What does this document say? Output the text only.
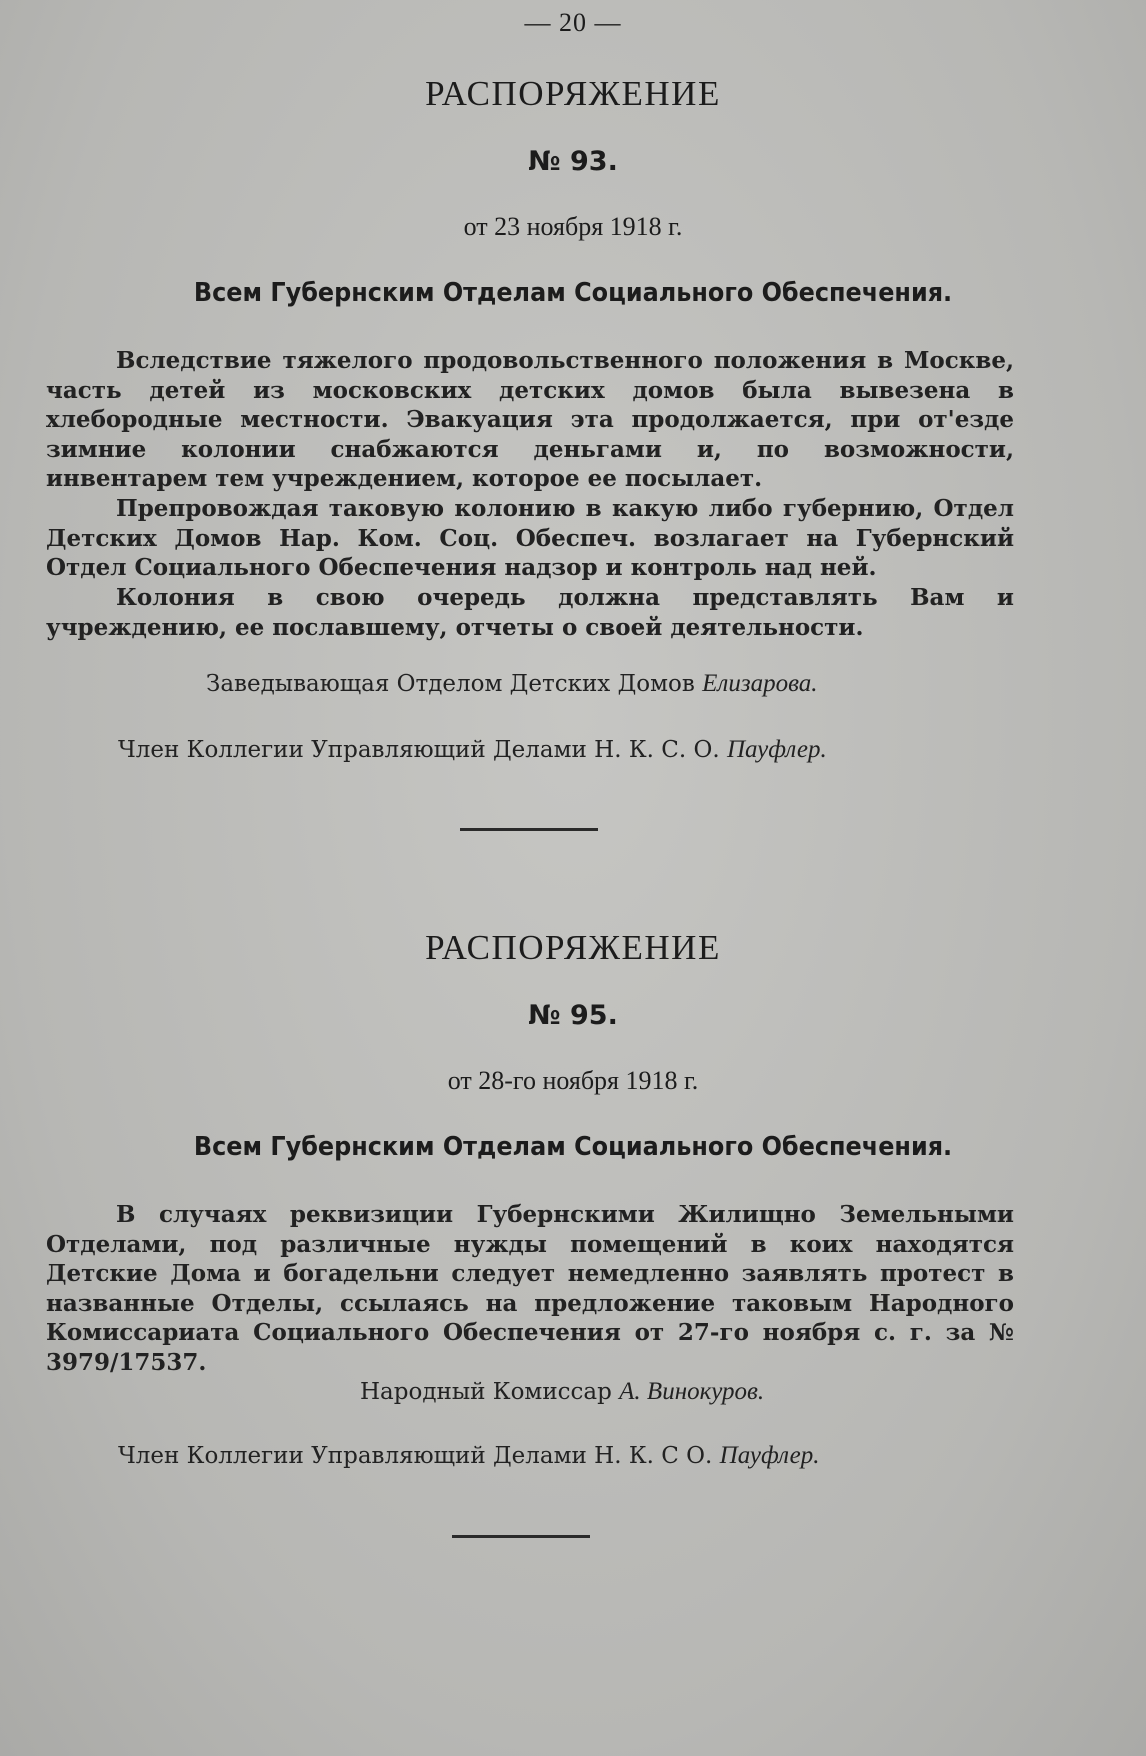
— 20 —
РАСПОРЯЖЕНИЕ
№ 93.
от 23 ноября 1918 г.
Всем Губернским Отделам Социального Обеспечения.

Вследствие тяжелого продовольственного положения в Москве, часть детей из московских детских домов была вывезена в хлебородные местности. Эвакуация эта продолжается, при от'езде зимние колонии снабжаются деньгами и, по возможности, инвентарем тем учреждением, которое ее посылает.

Препровождая таковую колонию в какую либо губернию, Отдел Детских Домов Нар. Ком. Соц. Обеспеч. возлагает на Губернский Отдел Социального Обеспечения надзор и контроль над ней.

Колония в свою очередь должна представлять Вам и учреждению, ее пославшему, отчеты о своей деятельности.

Заведывающая Отделом Детских Домов Елизарова.
Член Коллегии Управляющий Делами Н. К. С. О. Пауфлер.
РАСПОРЯЖЕНИЕ
№ 95.
от 28-го ноября 1918 г.
Всем Губернским Отделам Социального Обеспечения.

В случаях реквизиции Губернскими Жилищно Земельными Отделами, под различные нужды помещений в коих находятся Детские Дома и богадельни следует немедленно заявлять протест в названные Отделы, ссылаясь на предложение таковым Народного Комиссариата Социального Обеспечения от 27-го ноября с. г. за № 3979/17537.

Народный Комиссар А. Винокуров.
Член Коллегии Управляющий Делами Н. К. С О. Пауфлер.
